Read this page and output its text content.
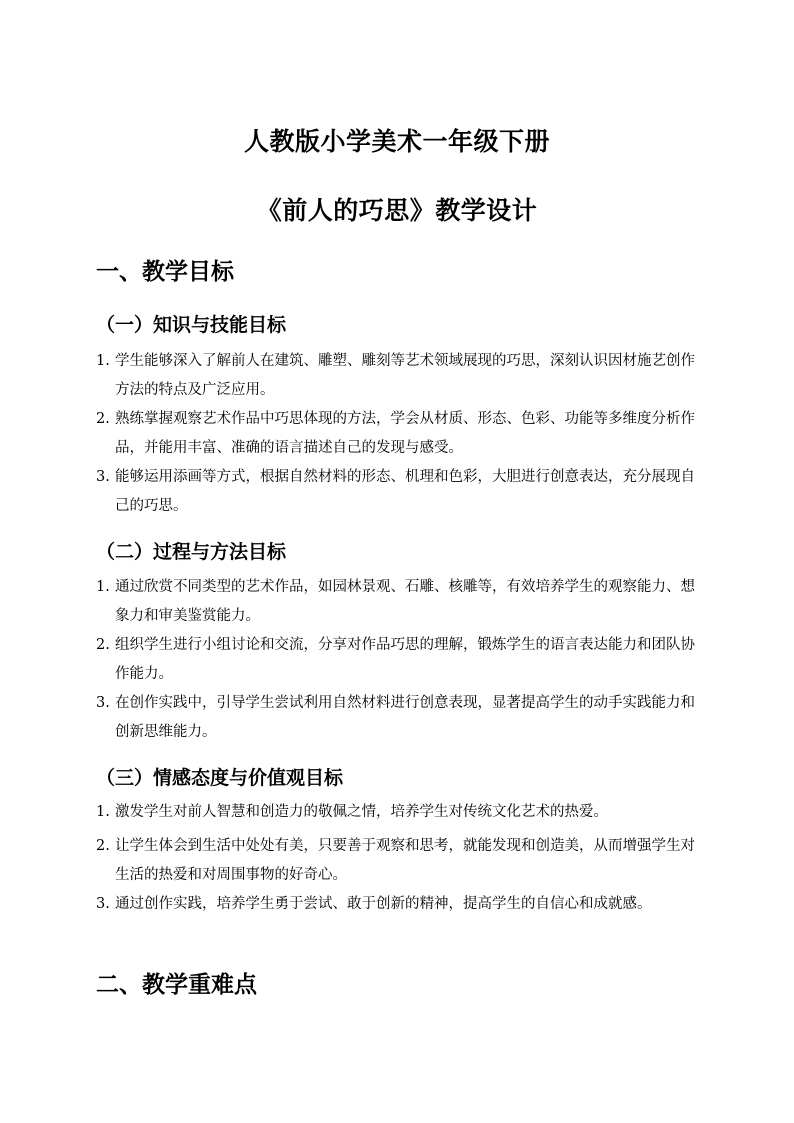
人教版小学美术一年级下册
《前人的巧思》教学设计
一、教学目标
（一）知识与技能目标
1. 学生能够深入了解前人在建筑、雕塑、雕刻等艺术领域展现的巧思，深刻认识因材施艺创作方法的特点及广泛应用。
2. 熟练掌握观察艺术作品中巧思体现的方法，学会从材质、形态、色彩、功能等多维度分析作品，并能用丰富、准确的语言描述自己的发现与感受。
3. 能够运用添画等方式，根据自然材料的形态、机理和色彩，大胆进行创意表达，充分展现自己的巧思。
（二）过程与方法目标
1. 通过欣赏不同类型的艺术作品，如园林景观、石雕、核雕等，有效培养学生的观察能力、想象力和审美鉴赏能力。
2. 组织学生进行小组讨论和交流，分享对作品巧思的理解，锻炼学生的语言表达能力和团队协作能力。
3. 在创作实践中，引导学生尝试利用自然材料进行创意表现，显著提高学生的动手实践能力和创新思维能力。
（三）情感态度与价值观目标
1. 激发学生对前人智慧和创造力的敬佩之情，培养学生对传统文化艺术的热爱。
2. 让学生体会到生活中处处有美，只要善于观察和思考，就能发现和创造美，从而增强学生对生活的热爱和对周围事物的好奇心。
3. 通过创作实践，培养学生勇于尝试、敢于创新的精神，提高学生的自信心和成就感。
二、教学重难点
